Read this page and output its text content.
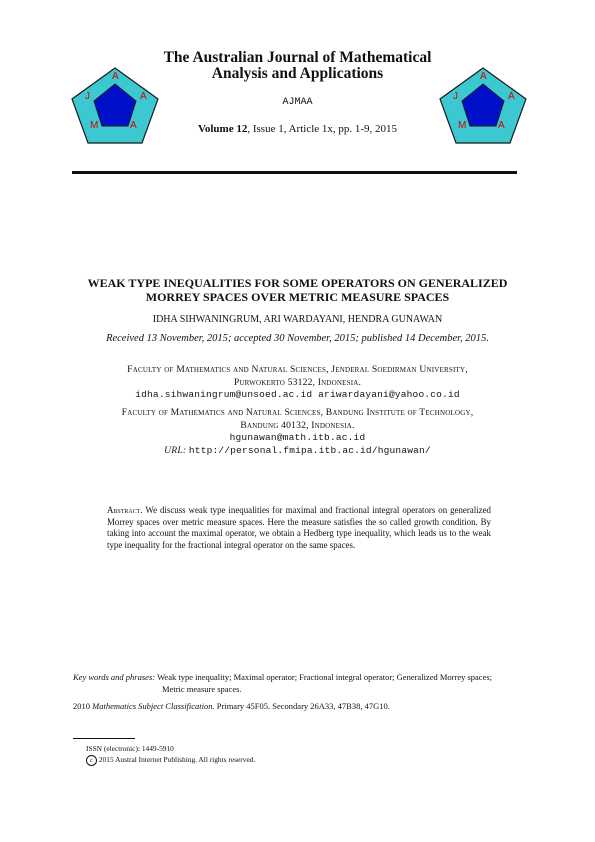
A
J	A
M	A
A
J	A
M	A
The Australian Journal of Mathematical
Analysis and Applications
AJMAA
Volume 12, Issue 1, Article 1x, pp. 1-9, 2015
WEAK TYPE INEQUALITIES FOR SOME OPERATORS ON GENERALIZED
MORREY SPACES OVER METRIC MEASURE SPACES
IDHA SIHWANINGRUM, ARI WARDAYANI, HENDRA GUNAWAN
Received 13 November, 2015; accepted 30 November, 2015; published 14 December, 2015.
Faculty of Mathematics and Natural Sciences, Jenderal Soedirman University,
Purwokerto 53122, Indonesia.
idha.sihwaningrum@unsoed.ac.id ariwardayani@yahoo.co.id
Faculty of Mathematics and Natural Sciences, Bandung Institute of Technology,
Bandung 40132, Indonesia.
hgunawan@math.itb.ac.id
URL: http://personal.fmipa.itb.ac.id/hgunawan/
Abstract. We discuss weak type inequalities for maximal and fractional integral operators on generalized Morrey spaces over metric measure spaces. Here the measure satisfies the so called growth condition. By taking into account the maximal operator, we obtain a Hedberg type inequality, which leads us to the weak type inequality for the fractional integral operator on the same spaces.
Key words and phrases: Weak type inequality; Maximal operator; Fractional integral operator; Generalized Morrey spaces;
Metric measure spaces.
2010 Mathematics Subject Classification. Primary 45F05. Secondary 26A33, 47B38, 47G10.
ISSN (electronic): 1449-5910
c 2015 Austral Internet Publishing. All rights reserved.
